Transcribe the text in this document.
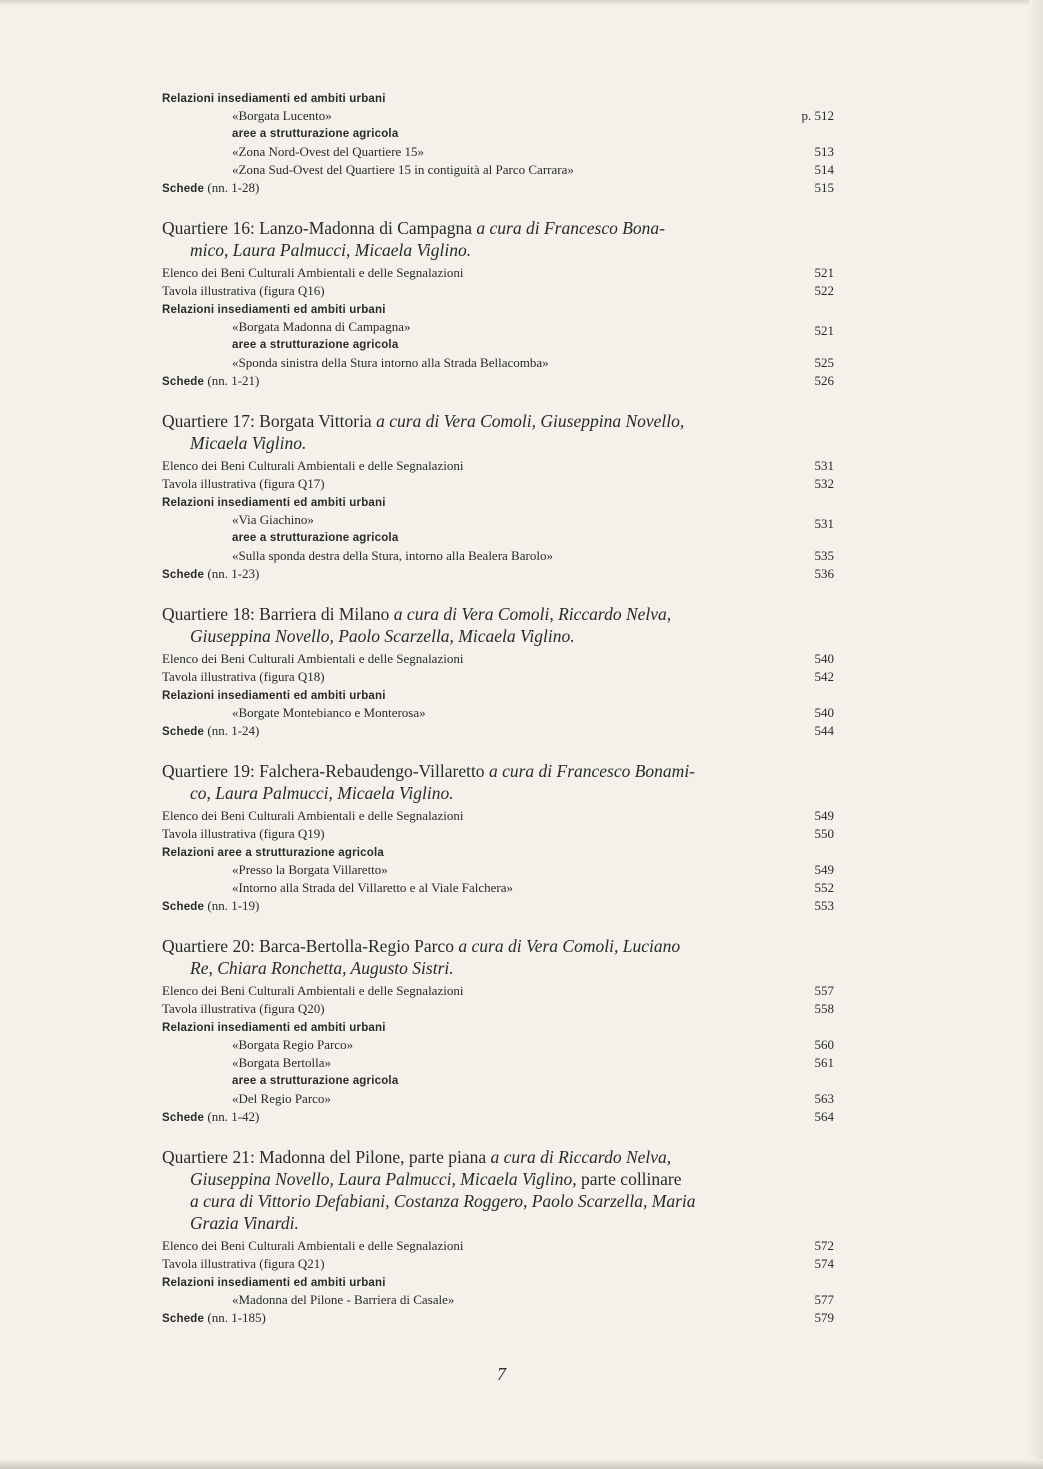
Relazioni insediamenti ed ambiti urbani
«Borgata Lucento»	p. 512
aree a strutturazione agricola
«Zona Nord-Ovest del Quartiere 15»	513
«Zona Sud-Ovest del Quartiere 15 in contiguità al Parco Carrara»	514
Schede (nn. 1-28)	515
Quartiere 16: Lanzo-Madonna di Campagna a cura di Francesco Bona-
mico, Laura Palmucci, Micaela Viglino.
Elenco dei Beni Culturali Ambientali e delle Segnalazioni	521
Tavola illustrativa (figura Q16)	522
Relazioni insediamenti ed ambiti urbani
«Borgata Madonna di Campagna»	521
aree a strutturazione agricola
«Sponda sinistra della Stura intorno alla Strada Bellacomba»	525
Schede (nn. 1-21)	526
Quartiere 17: Borgata Vittoria a cura di Vera Comoli, Giuseppina Novello,
Micaela Viglino.
Elenco dei Beni Culturali Ambientali e delle Segnalazioni	531
Tavola illustrativa (figura Q17)	532
Relazioni insediamenti ed ambiti urbani
«Via Giachino»	531
aree a strutturazione agricola
«Sulla sponda destra della Stura, intorno alla Bealera Barolo»	535
Schede (nn. 1-23)	536
Quartiere 18: Barriera di Milano a cura di Vera Comoli, Riccardo Nelva,
Giuseppina Novello, Paolo Scarzella, Micaela Viglino.
Elenco dei Beni Culturali Ambientali e delle Segnalazioni	540
Tavola illustrativa (figura Q18)	542
Relazioni insediamenti ed ambiti urbani
«Borgate Montebianco e Monterosa»	540
Schede (nn. 1-24)	544
Quartiere 19: Falchera-Rebaudengo-Villaretto a cura di Francesco Bonami-
co, Laura Palmucci, Micaela Viglino.
Elenco dei Beni Culturali Ambientali e delle Segnalazioni	549
Tavola illustrativa (figura Q19)	550
Relazioni aree a strutturazione agricola
«Presso la Borgata Villaretto»	549
«Intorno alla Strada del Villaretto e al Viale Falchera»	552
Schede (nn. 1-19)	553
Quartiere 20: Barca-Bertolla-Regio Parco a cura di Vera Comoli, Luciano
Re, Chiara Ronchetta, Augusto Sistri.
Elenco dei Beni Culturali Ambientali e delle Segnalazioni	557
Tavola illustrativa (figura Q20)	558
Relazioni insediamenti ed ambiti urbani
«Borgata Regio Parco»	560
«Borgata Bertolla»	561
aree a strutturazione agricola
«Del Regio Parco»	563
Schede (nn. 1-42)	564
Quartiere 21: Madonna del Pilone, parte piana a cura di Riccardo Nelva,
Giuseppina Novello, Laura Palmucci, Micaela Viglino, parte collinare
a cura di Vittorio Defabiani, Costanza Roggero, Paolo Scarzella, Maria
Grazia Vinardi.
Elenco dei Beni Culturali Ambientali e delle Segnalazioni	572
Tavola illustrativa (figura Q21)	574
Relazioni insediamenti ed ambiti urbani
«Madonna del Pilone - Barriera di Casale»	577
Schede (nn. 1-185)	579
7
